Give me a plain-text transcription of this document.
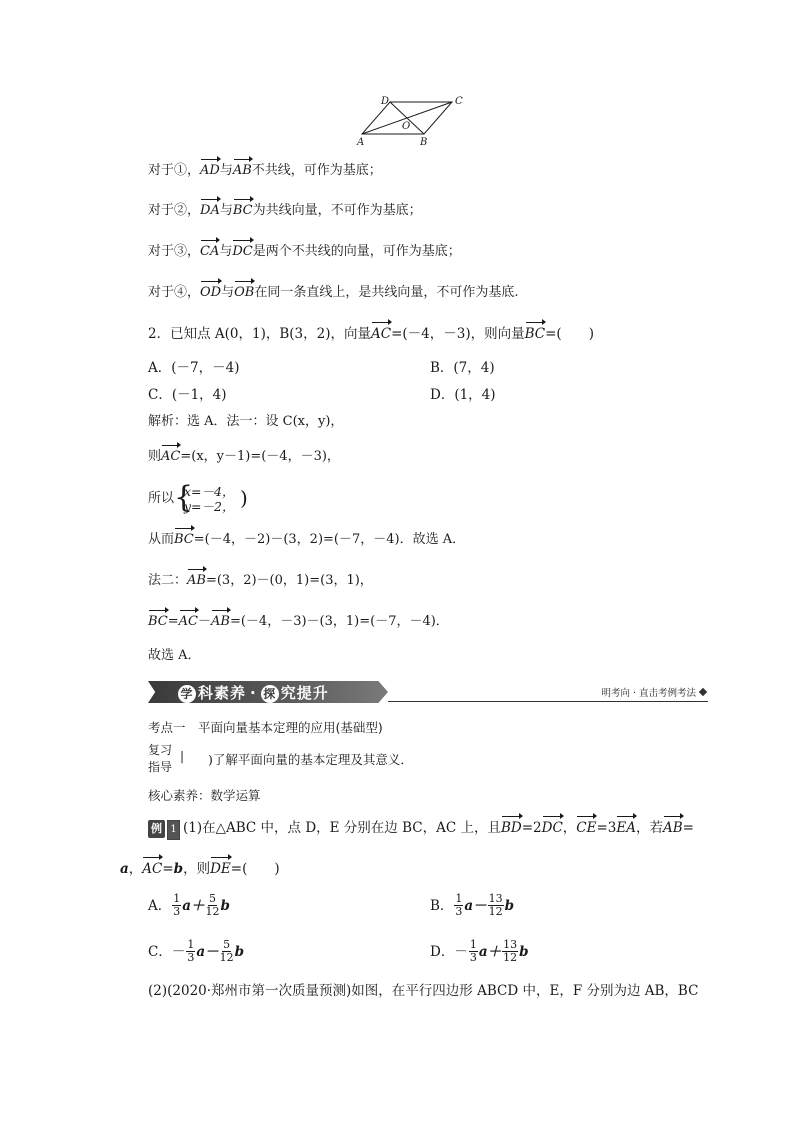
D	C
O
A	B
对于①，AD与AB不共线，可作为基底；
对于②，DA与BC为共线向量，不可作为基底；
对于③，CA与DC是两个不共线的向量，可作为基底；
对于④，OD与OB在同一条直线上，是共线向量，不可作为基底.
2．已知点 A(0，1)，B(3，2)，向量AC=(－4，－3)，则向量BC=(　　)
A．(－7，－4)	B．(7，4)
C．(－1，4)	D．(1，4)
解析：选 A．法一：设 C(x，y)，
则AC=(x，y－1)=(－4，－3)，
所以 {
x=－4，
y=－2， )
从而BC=(－4，－2)－(3，2)=(－7，－4)．故选 A．
法二：AB=(3，2)－(0，1)=(3，1)，
BC=AC－AB=(－4，－3)－(3，1)=(－7，－4)．
故选 A．
学 科素养 · 探 究提升	明考向 · 直击考例考法
考点一　平面向量基本定理的应用(基础型)
复习
指导
| )了解平面向量的基本定理及其意义．
核心素养：数学运算
例 1 (1)在△ABC 中，点 D，E 分别在边 BC，AC 上，且BD=2DC，CE=3EA，若AB=
a，AC=b，则DE=(　　)
A． $\frac{1}{3} a+ \frac{5}{12}$ b	B． $\frac{1}{3} a- \frac{13}{12}$ b
C． － $\frac{1}{3} a- \frac{5}{12}$ b	D． － $\frac{1}{3} a+ \frac{13}{12}$ b
(2)(2020·郑州市第一次质量预测)如图，在平行四边形 ABCD 中，E，F 分别为边 AB，BC
